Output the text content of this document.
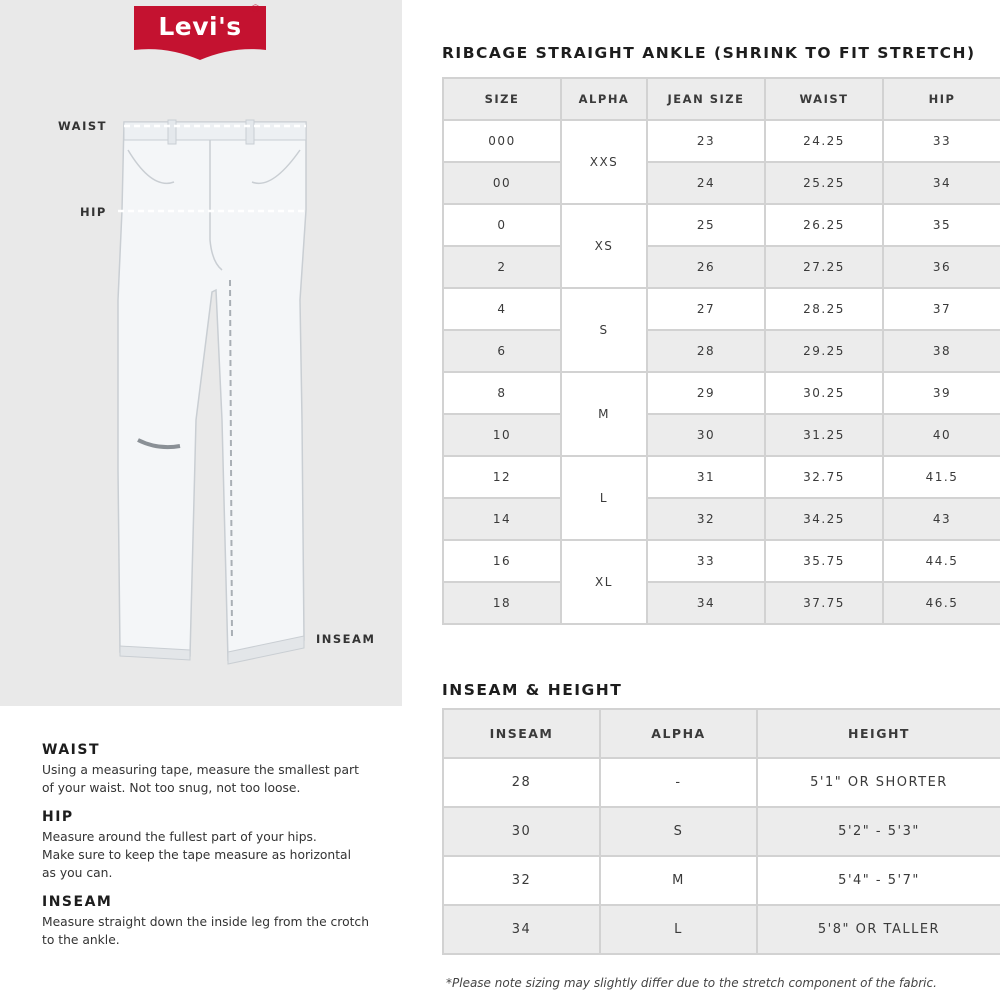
Levi's
®
WAIST
HIP
INSEAM
WAIST
Using a measuring tape, measure the smallest part
of your waist. Not too snug, not too loose.
HIP
Measure around the fullest part of your hips.
Make sure to keep the tape measure as horizontal
as you can.
INSEAM
Measure straight down the inside leg from the crotch
to the ankle.
RIBCAGE STRAIGHT ANKLE (SHRINK TO FIT STRETCH)
SIZE	ALPHA	JEAN SIZE	WAIST	HIP
000	XXS	23	24.25	33
00		24	25.25	34
0	XS	25	26.25	35
2		26	27.25	36
4	S	27	28.25	37
6		28	29.25	38
8	M	29	30.25	39
10		30	31.25	40
12	L	31	32.75	41.5
14		32	34.25	43
16	XL	33	35.75	44.5
18		34	37.75	46.5
INSEAM & HEIGHT
INSEAM	ALPHA	HEIGHT
28	-	5'1" OR SHORTER
30	S	5'2" - 5'3"
32	M	5'4" - 5'7"
34	L	5'8" OR TALLER
*Please note sizing may slightly differ due to the stretch component of the fabric.
